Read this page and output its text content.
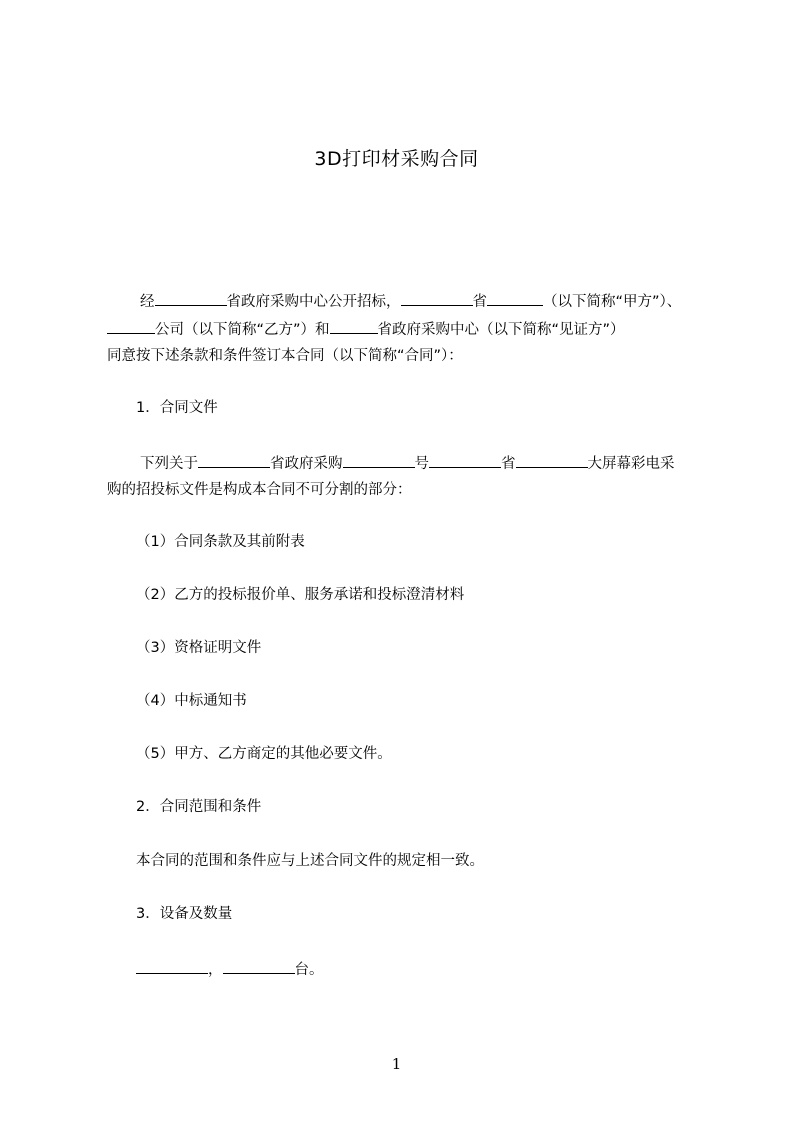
3D打印材采购合同
经	省政府采购中心公开招标，	省	（以下简称“甲方”）、
公司（以下简称“乙方”）和	省政府采购中心（以下简称“见证方”）
同意按下述条款和条件签订本合同（以下简称“合同”）：
1．合同文件
下列关于	省政府采购	号	省	大屏幕彩电采
购的招投标文件是构成本合同不可分割的部分：
（1）合同条款及其前附表
（2）乙方的投标报价单、服务承诺和投标澄清材料
（3）资格证明文件
（4）中标通知书
（5）甲方、乙方商定的其他必要文件。
2．合同范围和条件
本合同的范围和条件应与上述合同文件的规定相一致。
3．设备及数量
，	台。
1
